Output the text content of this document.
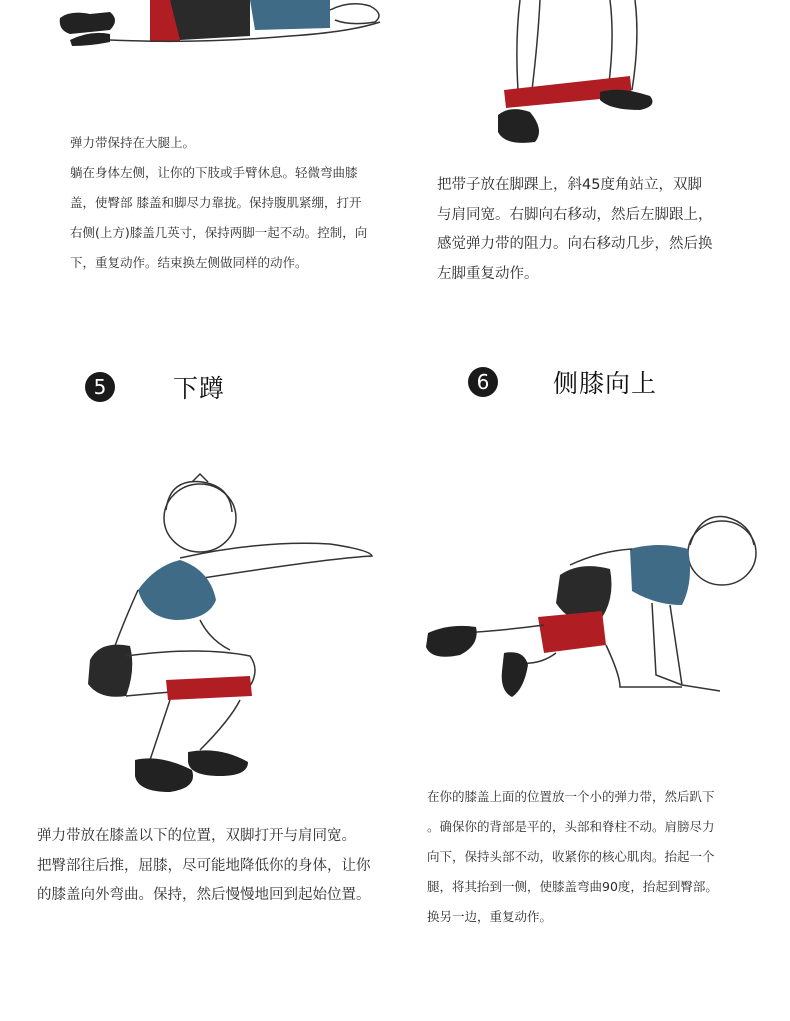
弹力带保持在大腿上。

躺在身体左侧，让你的下肢或手臂休息。轻微弯曲膝

盖，使臀部 膝盖和脚尽力靠拢。保持腹肌紧绷，打开

右侧(上方)膝盖几英寸，保持两脚一起不动。控制，向

下，重复动作。结束换左侧做同样的动作。

把带子放在脚踝上，斜45度角站立，双脚

与肩同宽。右脚向右移动，然后左脚跟上，

感觉弹力带的阻力。向右移动几步，然后换

左脚重复动作。

5	下蹲	6	侧膝向上

弹力带放在膝盖以下的位置，双脚打开与肩同宽。

把臀部往后推，屈膝，尽可能地降低你的身体，让你

的膝盖向外弯曲。保持，然后慢慢地回到起始位置。

在你的膝盖上面的位置放一个小的弹力带，然后趴下

。确保你的背部是平的，头部和脊柱不动。肩膀尽力

向下，保持头部不动，收紧你的核心肌肉。抬起一个

腿，将其抬到一侧，使膝盖弯曲90度，抬起到臀部。

换另一边，重复动作。
